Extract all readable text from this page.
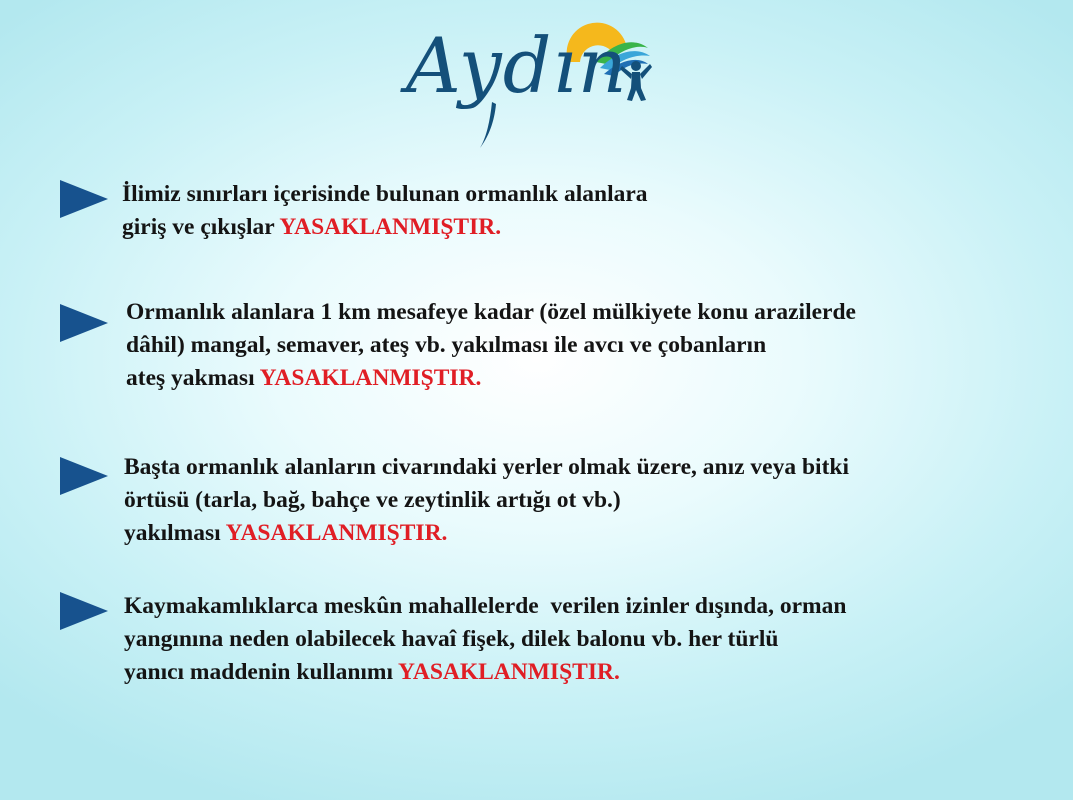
Aydın
İlimiz sınırları içerisinde bulunan ormanlık alanlara
giriş ve çıkışlar YASAKLANMIŞTIR.
Ormanlık alanlara 1 km mesafeye kadar (özel mülkiyete konu arazilerde
dâhil) mangal, semaver, ateş vb. yakılması ile avcı ve çobanların
ateş yakması YASAKLANMIŞTIR.
Başta ormanlık alanların civarındaki yerler olmak üzere, anız veya bitki
örtüsü (tarla, bağ, bahçe ve zeytinlik artığı ot vb.)
yakılması YASAKLANMIŞTIR.
Kaymakamlıklarca meskûn mahallelerde  verilen izinler dışında, orman
yangınına neden olabilecek havaî fişek, dilek balonu vb. her türlü
yanıcı maddenin kullanımı YASAKLANMIŞTIR.
